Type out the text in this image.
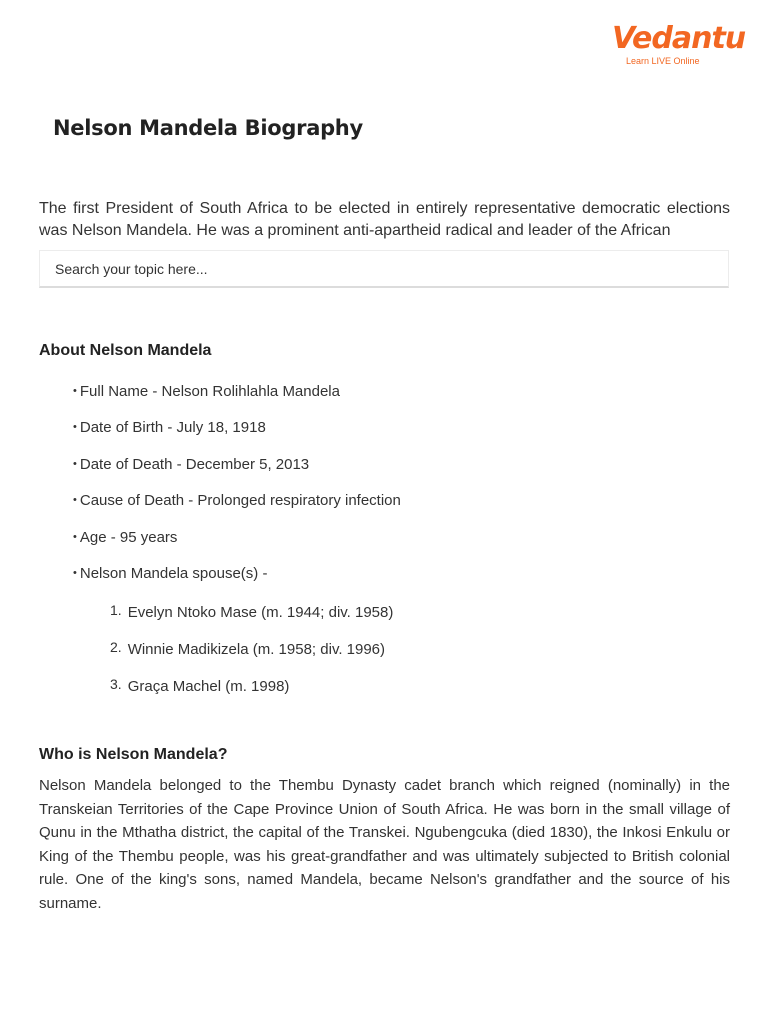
Vedantu
Learn LIVE Online
Nelson Mandela Biography
The first President of South Africa to be elected in entirely representative democratic elections was Nelson Mandela. He was a prominent anti-apartheid radical and leader of the African
Search your topic here...
About Nelson Mandela
• Full Name - Nelson Rolihlahla Mandela
• Date of Birth - July 18, 1918
• Date of Death - December 5, 2013
• Cause of Death - Prolonged respiratory infection
• Age - 95 years
• Nelson Mandela spouse(s) -
1. Evelyn Ntoko Mase (m. 1944; div. 1958)
2. Winnie Madikizela (m. 1958; div. 1996)
3. Graça Machel (m. 1998)
Who is Nelson Mandela?

Nelson Mandela belonged to the Thembu Dynasty cadet branch which reigned (nominally) in the Transkeian Territories of the Cape Province Union of South Africa. He was born in the small village of Qunu in the Mthatha district, the capital of the Transkei. Ngubengcuka (died 1830), the Inkosi Enkulu or King of the Thembu people, was his great-grandfather and was ultimately subjected to British colonial rule. One of the king's sons, named Mandela, became Nelson's grandfather and the source of his surname.
